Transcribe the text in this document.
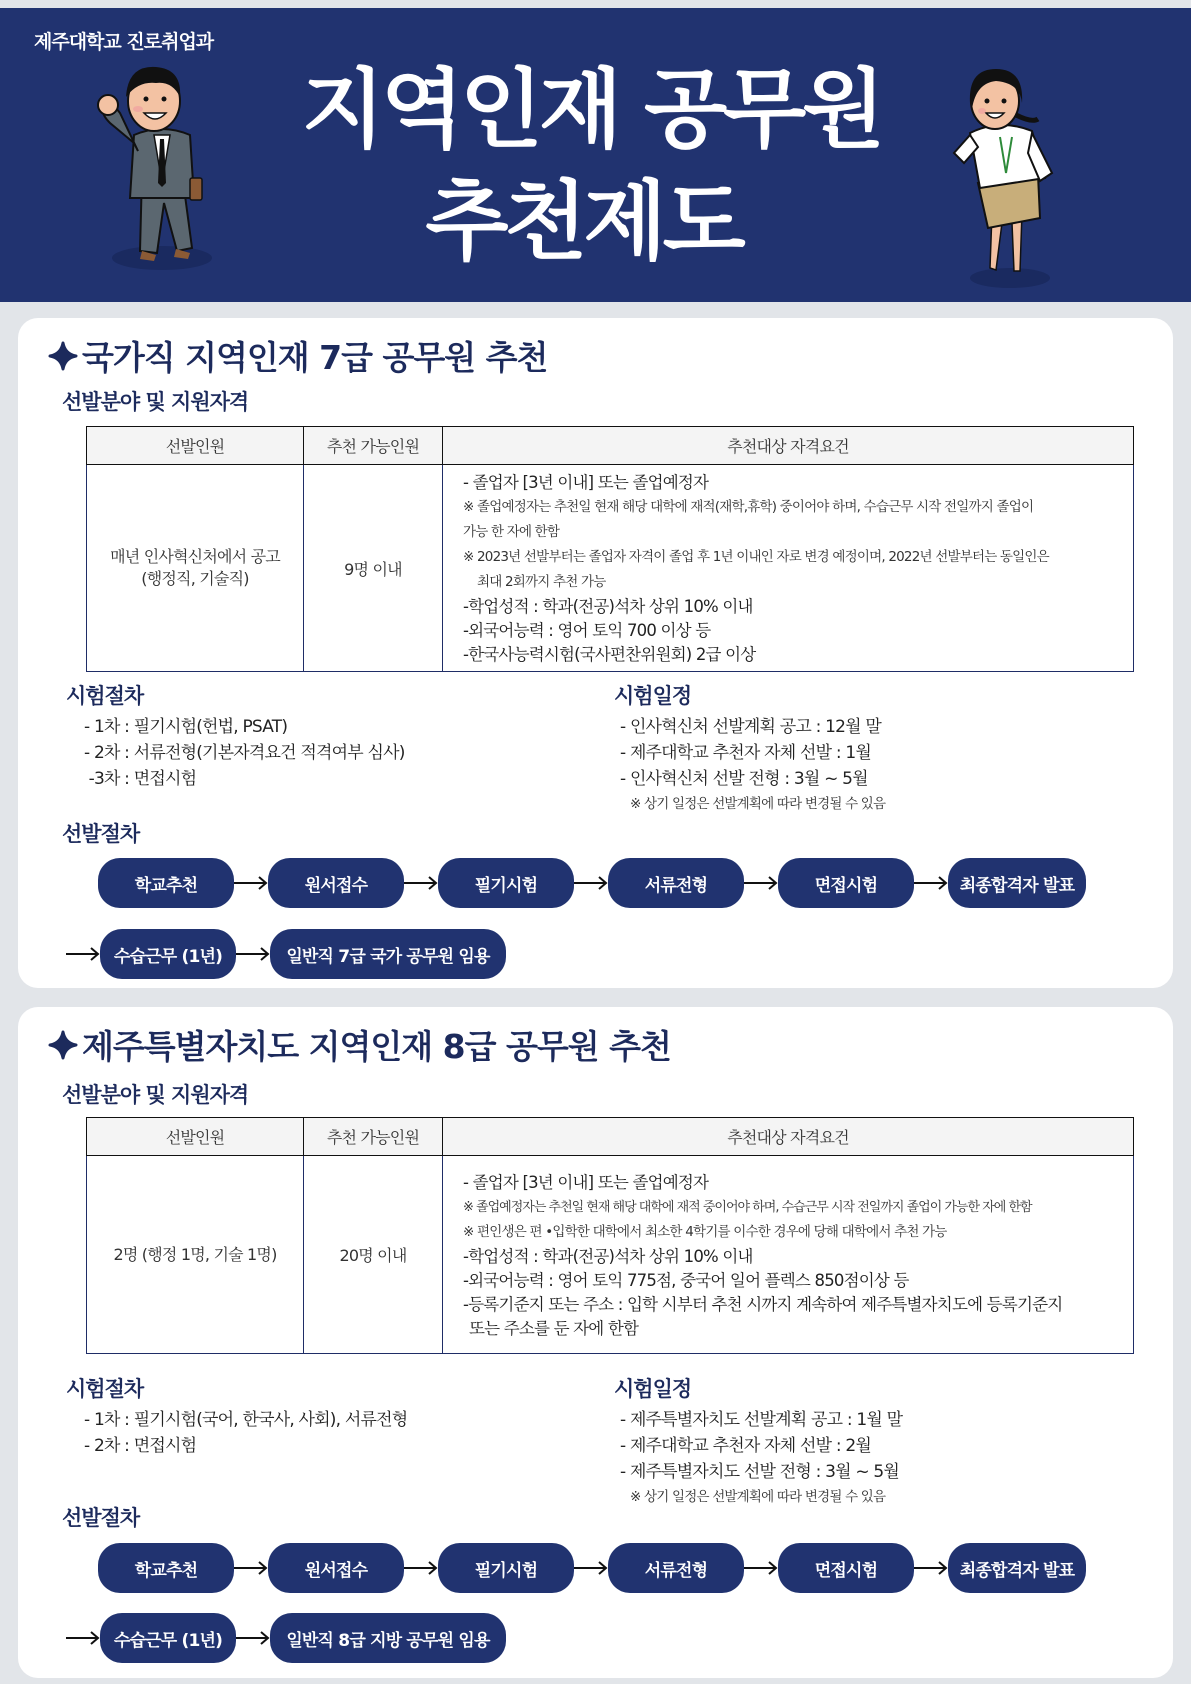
제주대학교 진로취업과
지역인재 공무원
추천제도
국가직 지역인재 7급 공무원 추천
선발분야 및 지원자격
선발인원	추천 가능인원	추천대상 자격요건

매년 인사혁신처에서 공고
(행정직, 기술직)	9명 이내	
- 졸업자 [3년 이내] 또는 졸업예정자
※ 졸업예정자는 추천일 현재 해당 대학에 재적(재학,휴학) 중이어야 하며, 수습근무 시작 전일까지 졸업이
가능 한 자에 한함
※ 2023년 선발부터는 졸업자 자격이 졸업 후 1년 이내인 자로 변경 예정이며, 2022년 선발부터는 동일인은
최대 2회까지 추천 가능
-학업성적 : 학과(전공)석차 상위 10% 이내
-외국어능력 : 영어 토익 700 이상 등
-한국사능력시험(국사편찬위원회) 2급 이상
시험절차
- 1차 : 필기시험(헌법, PSAT)
- 2차 : 서류전형(기본자격요건 적격여부 심사)
-3차 : 면접시험
시험일정
- 인사혁신처 선발계획 공고 : 12월 말
- 제주대학교 추천자 자체 선발 : 1월
- 인사혁신처 선발 전형 : 3월 ~ 5월
※ 상기 일정은 선발계획에 따라 변경될 수 있음
선발절차
학교추천	원서접수	필기시험	서류전형	면접시험	최종합격자 발표
수습근무 (1년)	일반직 7급 국가 공무원 임용
제주특별자치도 지역인재 8급 공무원 추천
선발분야 및 지원자격
선발인원	추천 가능인원	추천대상 자격요건

2명 (행정 1명, 기술 1명)	20명 이내	
- 졸업자 [3년 이내] 또는 졸업예정자
※ 졸업예정자는 추천일 현재 해당 대학에 재적 중이어야 하며, 수습근무 시작 전일까지 졸업이 가능한 자에 한함
※ 편인생은 편 •입학한 대학에서 최소한 4학기를 이수한 경우에 당해 대학에서 추천 가능
-학업성적 : 학과(전공)석차 상위 10% 이내
-외국어능력 : 영어 토익 775점, 중국어 일어 플렉스 850점이상 등
-등록기준지 또는 주소 : 입학 시부터 추천 시까지 계속하여 제주특별자치도에 등록기준지
또는 주소를 둔 자에 한함
시험절차
- 1차 : 필기시험(국어, 한국사, 사회), 서류전형
- 2차 : 면접시험
시험일정
- 제주특별자치도 선발계획 공고 : 1월 말
- 제주대학교 추천자 자체 선발 : 2월
- 제주특별자치도 선발 전형 : 3월 ~ 5월
※ 상기 일정은 선발계획에 따라 변경될 수 있음
선발절차
학교추천	원서접수	필기시험	서류전형	면접시험	최종합격자 발표
수습근무 (1년)	일반직 8급 지방 공무원 임용
